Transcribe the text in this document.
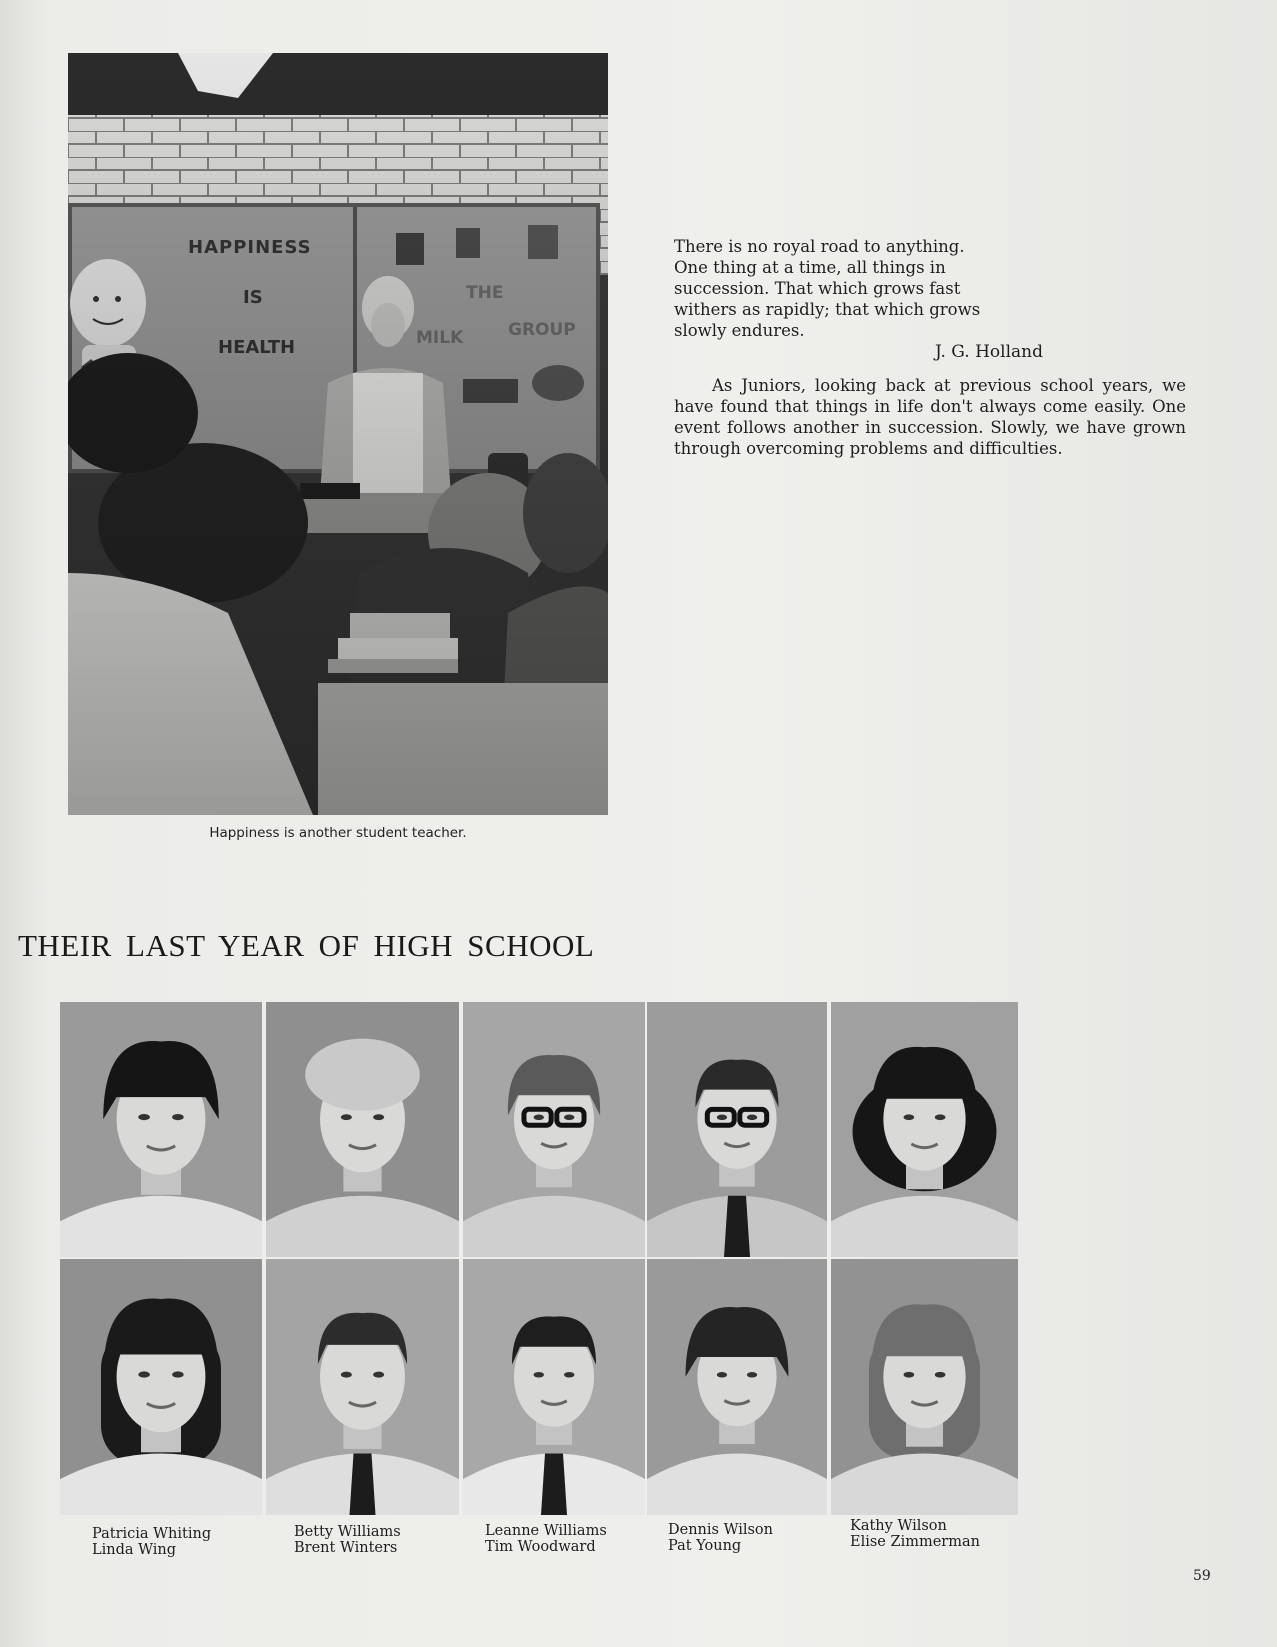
Happiness is another student teacher.
There is no royal road to anything.
One thing at a time, all things in
succession. That which grows fast
withers as rapidly; that which grows
slowly endures.
J. G. Holland

As Juniors, looking back at previous school years, we have found that things in life don't always come easily. One event follows another in succession. Slowly, we have grown through overcoming problems and difficulties.

THEIR LAST YEAR OF HIGH SCHOOL
Patricia Whiting
Linda Wing
Betty Williams
Brent Winters
Leanne Williams
Tim Woodward
Dennis Wilson
Pat Young
Kathy Wilson
Elise Zimmerman
59
